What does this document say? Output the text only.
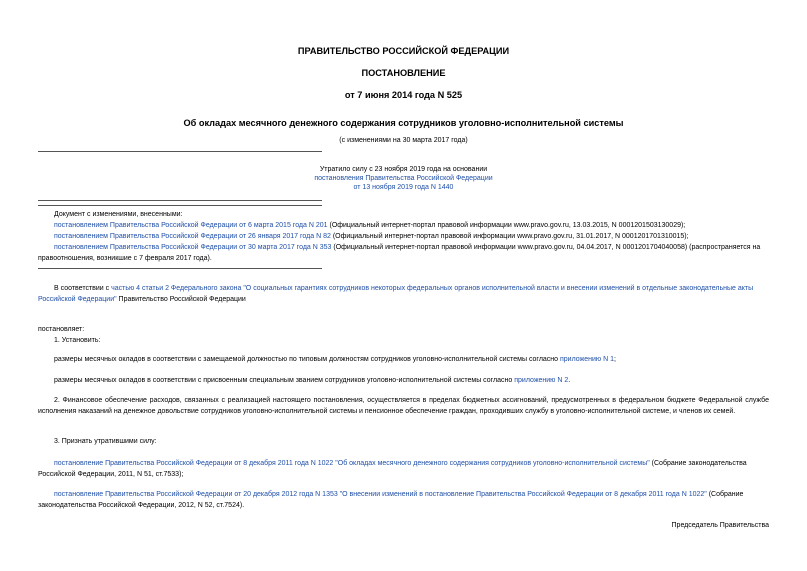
ПРАВИТЕЛЬСТВО РОССИЙСКОЙ ФЕДЕРАЦИИ
ПОСТАНОВЛЕНИЕ
от 7 июня 2014 года N 525
Об окладах месячного денежного содержания сотрудников уголовно-исполнительной системы
(с изменениями на 30 марта 2017 года)
Утратило силу с 23 ноября 2019 года на основании
постановления Правительства Российской Федерации
от 13 ноября 2019 года N 1440
Документ с изменениями, внесенными:
постановлением Правительства Российской Федерации от 6 марта 2015 года N 201 (Официальный интернет-портал правовой информации www.pravo.gov.ru, 13.03.2015, N 0001201503130029);
постановлением Правительства Российской Федерации от 26 января 2017 года N 82 (Официальный интернет-портал правовой информации www.pravo.gov.ru, 31.01.2017, N 0001201701310015);
постановлением Правительства Российской Федерации от 30 марта 2017 года N 353 (Официальный интернет-портал правовой информации www.pravo.gov.ru, 04.04.2017, N 0001201704040058) (распространяется на правоотношения, возникшие с 7 февраля 2017 года).
В соответствии с частью 4 статьи 2 Федерального закона "О социальных гарантиях сотрудников некоторых федеральных органов исполнительной власти и внесении изменений в отдельные законодательные акты Российской Федерации" Правительство Российской Федерации
постановляет:
1. Установить:
размеры месячных окладов в соответствии с замещаемой должностью по типовым должностям сотрудников уголовно-исполнительной системы согласно приложению N 1;
размеры месячных окладов в соответствии с присвоенным специальным званием сотрудников уголовно-исполнительной системы согласно приложению N 2.
2. Финансовое обеспечение расходов, связанных с реализацией настоящего постановления, осуществляется в пределах бюджетных ассигнований, предусмотренных в федеральном бюджете Федеральной службе исполнения наказаний на денежное довольствие сотрудников уголовно-исполнительной системы и пенсионное обеспечение граждан, проходивших службу в уголовно-исполнительной системе, и членов их семей.
3. Признать утратившими силу:
постановление Правительства Российской Федерации от 8 декабря 2011 года N 1022 "Об окладах месячного денежного содержания сотрудников уголовно-исполнительной системы" (Собрание законодательства Российской Федерации, 2011, N 51, ст.7533);
постановление Правительства Российской Федерации от 20 декабря 2012 года N 1353 "О внесении изменений в постановление Правительства Российской Федерации от 8 декабря 2011 года N 1022" (Собрание законодательства Российской Федерации, 2012, N 52, ст.7524).
Председатель Правительства
